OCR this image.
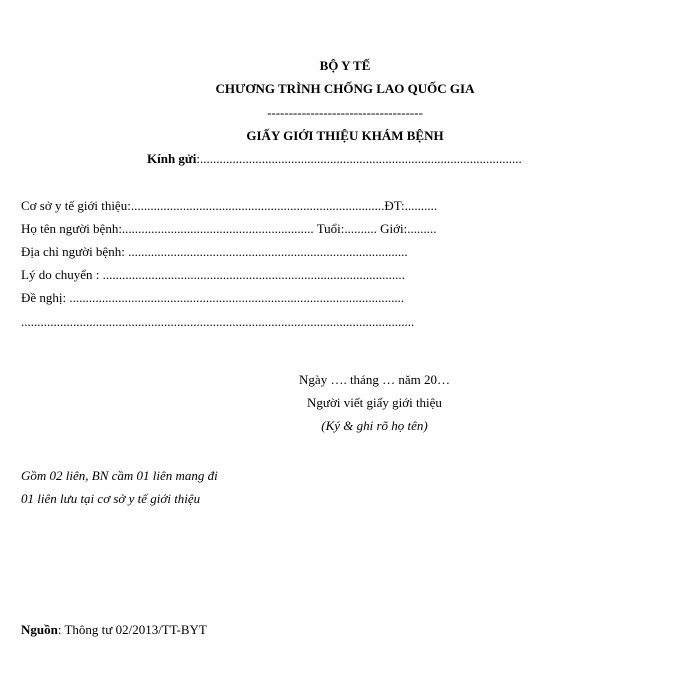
BỘ Y TẾ
CHƯƠNG TRÌNH CHỐNG LAO QUỐC GIA
------------------------------------
GIẤY GIỚI THIỆU KHÁM BỆNH
Kính gửi:...................................................................................................
Cơ sở y tế giới thiệu:..............................................................................ĐT:..........
Họ tên người bệnh:........................................................... Tuổi:.......... Giới:.........
Địa chỉ người bệnh: ......................................................................................
Lý do chuyển : .............................................................................................
Đề nghị: .......................................................................................................
.........................................................................................................................
Ngày …. tháng … năm 20…
Người viết giấy giới thiệu
(Ký & ghi rõ họ tên)
Gồm 02 liên, BN cầm 01 liên mang đi
01 liên lưu tại cơ sở y tế giới thiệu
Nguồn: Thông tư 02/2013/TT-BYT
